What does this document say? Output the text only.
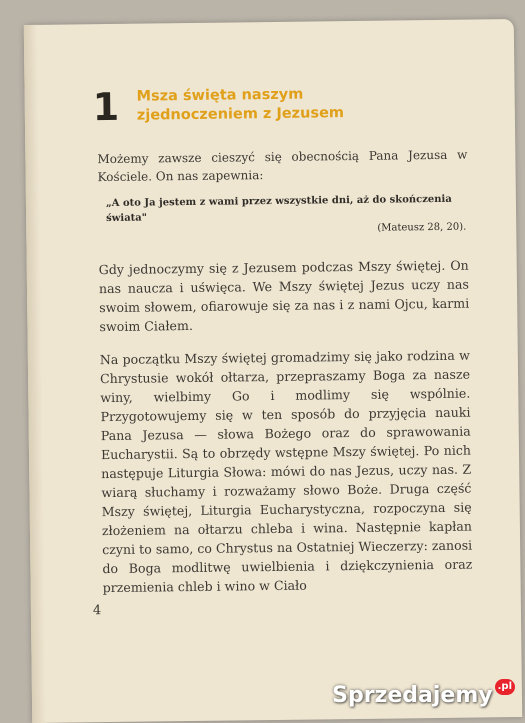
1 Msza święta naszym
zjednoczeniem z Jezusem
Możemy zawsze cieszyć się obecnością Pana Jezusa w Kościele. On nas zapewnia:
„A oto Ja jestem z wami przez wszystkie dni, aż do skończenia świata"
(Mateusz 28, 20).
Gdy jednoczymy się z Jezusem podczas Mszy świętej. On nas naucza i uświęca. We Mszy świętej Jezus uczy nas swoim słowem, ofiarowuje się za nas i z nami Ojcu, karmi swoim Ciałem.
Na początku Mszy świętej gromadzimy się jako rodzina w Chrystusie wokół ołtarza, przepraszamy Boga za nasze winy, wielbimy Go i modlimy się wspólnie. Przygotowujemy się w ten sposób do przyjęcia nauki Pana Jezusa — słowa Bożego oraz do sprawowania Eucharystii. Są to obrzędy wstępne Mszy świętej. Po nich następuje Liturgia Słowa: mówi do nas Jezus, uczy nas. Z wiarą słuchamy i rozważamy słowo Boże. Druga część Mszy świętej, Liturgia Eucharystyczna, rozpoczyna się złożeniem na ołtarzu chleba i wina. Następnie kapłan czyni to samo, co Chrystus na Ostatniej Wieczerzy: zanosi do Boga modlitwę uwielbienia i dziękczynienia oraz przemienia chleb i wino w Ciało
4
Sprzedajemy .pl
